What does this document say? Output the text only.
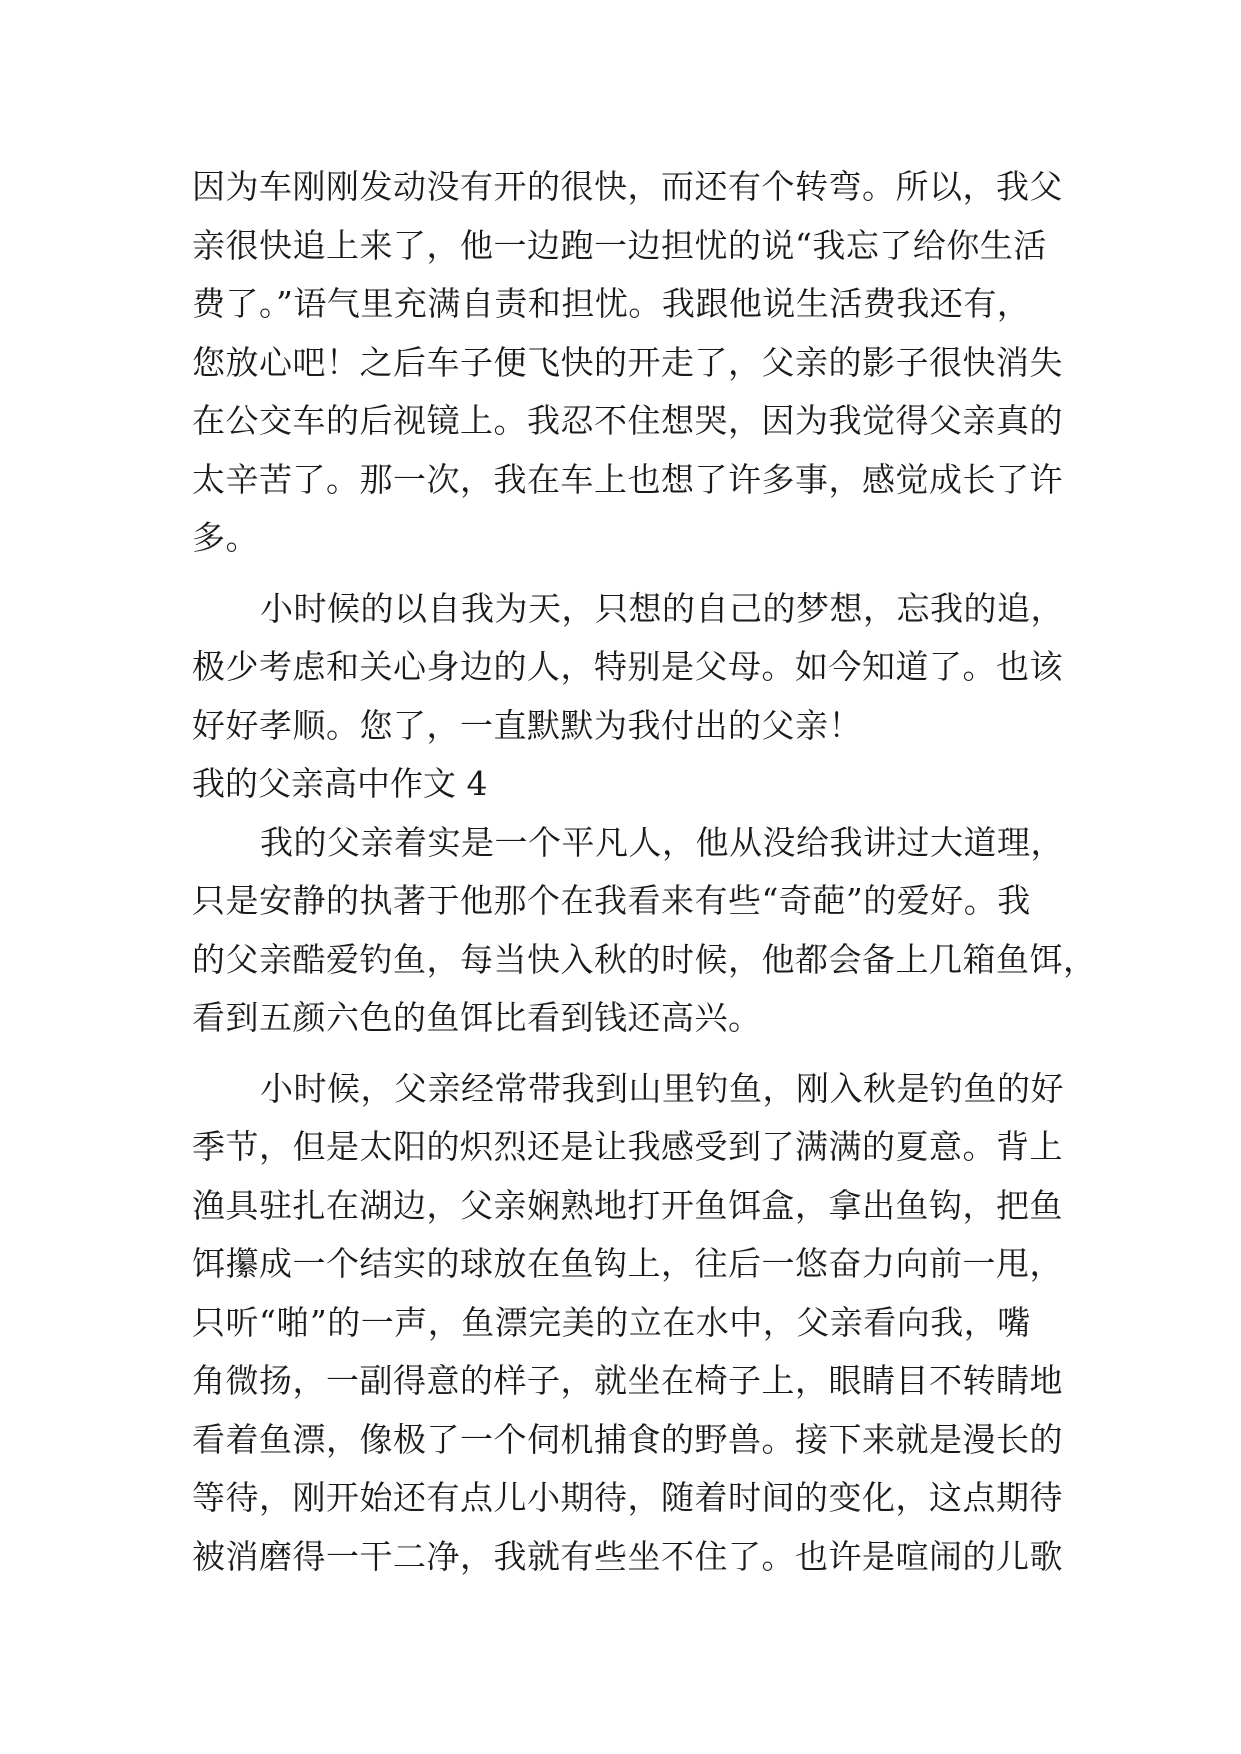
因为车刚刚发动没有开的很快，而还有个转弯。所以，我父
亲很快追上来了，他一边跑一边担忧的说“我忘了给你生活
费了。”语气里充满自责和担忧。我跟他说生活费我还有，
您放心吧！之后车子便飞快的开走了，父亲的影子很快消失
在公交车的后视镜上。我忍不住想哭，因为我觉得父亲真的
太辛苦了。那一次，我在车上也想了许多事，感觉成长了许
多。
小时候的以自我为天，只想的自己的梦想，忘我的追，
极少考虑和关心身边的人，特别是父母。如今知道了。也该
好好孝顺。您了，一直默默为我付出的父亲！
我的父亲高中作文 4
我的父亲着实是一个平凡人，他从没给我讲过大道理，
只是安静的执著于他那个在我看来有些“奇葩”的爱好。我
的父亲酷爱钓鱼，每当快入秋的时候，他都会备上几箱鱼饵，
看到五颜六色的鱼饵比看到钱还高兴。
小时候，父亲经常带我到山里钓鱼，刚入秋是钓鱼的好
季节，但是太阳的炽烈还是让我感受到了满满的夏意。背上
渔具驻扎在湖边，父亲娴熟地打开鱼饵盒，拿出鱼钩，把鱼
饵攥成一个结实的球放在鱼钩上，往后一悠奋力向前一甩，
只听“啪”的一声，鱼漂完美的立在水中，父亲看向我，嘴
角微扬，一副得意的样子，就坐在椅子上，眼睛目不转睛地
看着鱼漂，像极了一个伺机捕食的野兽。接下来就是漫长的
等待，刚开始还有点儿小期待，随着时间的变化，这点期待
被消磨得一干二净，我就有些坐不住了。也许是喧闹的儿歌
